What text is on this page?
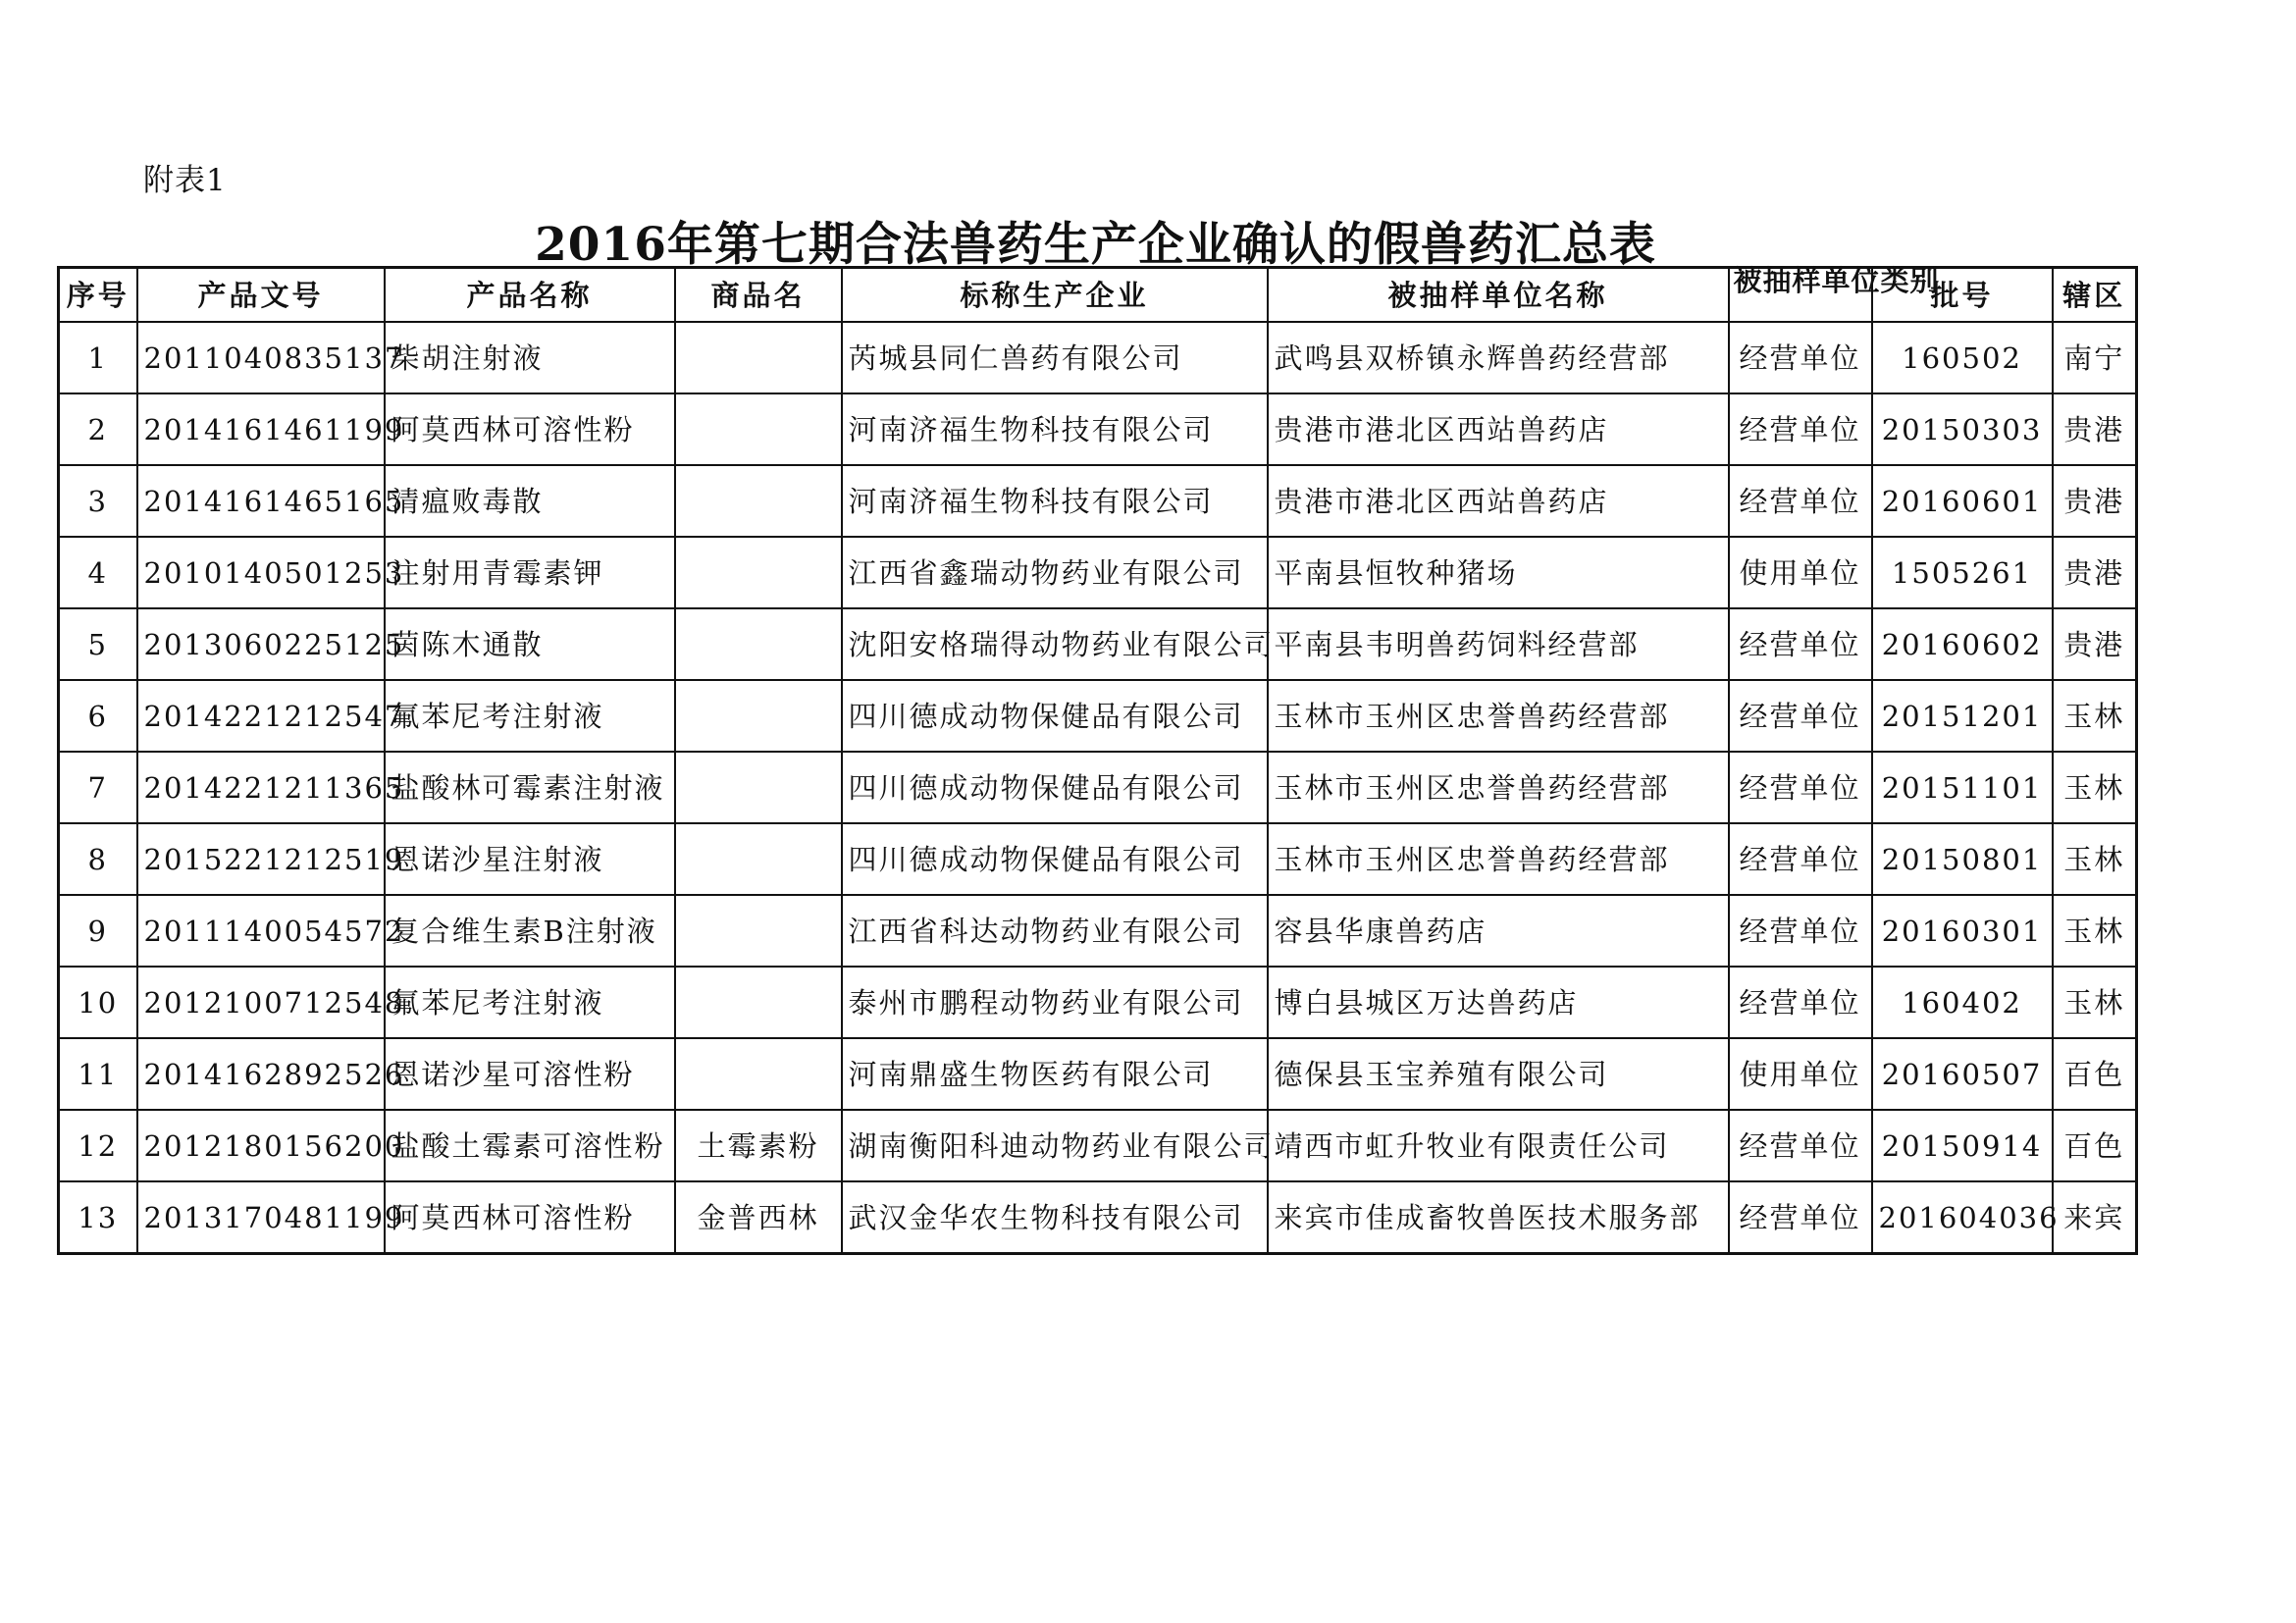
附表1
2016年第七期合法兽药生产企业确认的假兽药汇总表
序号	产品文号	产品名称	商品名	标称生产企业	被抽样单位名称	被抽样单位类别	批号	辖区
1	2011040835137	柴胡注射液		芮城县同仁兽药有限公司	武鸣县双桥镇永辉兽药经营部	经营单位	160502	南宁
2	2014161461199	阿莫西林可溶性粉		河南济福生物科技有限公司	贵港市港北区西站兽药店	经营单位	20150303	贵港
3	2014161465165	清瘟败毒散		河南济福生物科技有限公司	贵港市港北区西站兽药店	经营单位	20160601	贵港
4	2010140501253	注射用青霉素钾		江西省鑫瑞动物药业有限公司	平南县恒牧种猪场	使用单位	1505261	贵港
5	2013060225125	茵陈木通散		沈阳安格瑞得动物药业有限公司	平南县韦明兽药饲料经营部	经营单位	20160602	贵港
6	2014221212547	氟苯尼考注射液		四川德成动物保健品有限公司	玉林市玉州区忠誉兽药经营部	经营单位	20151201	玉林
7	2014221211365	盐酸林可霉素注射液		四川德成动物保健品有限公司	玉林市玉州区忠誉兽药经营部	经营单位	20151101	玉林
8	2015221212519	恩诺沙星注射液		四川德成动物保健品有限公司	玉林市玉州区忠誉兽药经营部	经营单位	20150801	玉林
9	2011140054572	复合维生素B注射液		江西省科达动物药业有限公司	容县华康兽药店	经营单位	20160301	玉林
10	2012100712548	氟苯尼考注射液		泰州市鹏程动物药业有限公司	博白县城区万达兽药店	经营单位	160402	玉林
11	2014162892526	恩诺沙星可溶性粉		河南鼎盛生物医药有限公司	德保县玉宝养殖有限公司	使用单位	20160507	百色
12	2012180156200	盐酸土霉素可溶性粉	土霉素粉	湖南衡阳科迪动物药业有限公司	靖西市虹升牧业有限责任公司	经营单位	20150914	百色
13	2013170481199	阿莫西林可溶性粉	金普西林	武汉金华农生物科技有限公司	来宾市佳成畜牧兽医技术服务部	经营单位	201604036	来宾
